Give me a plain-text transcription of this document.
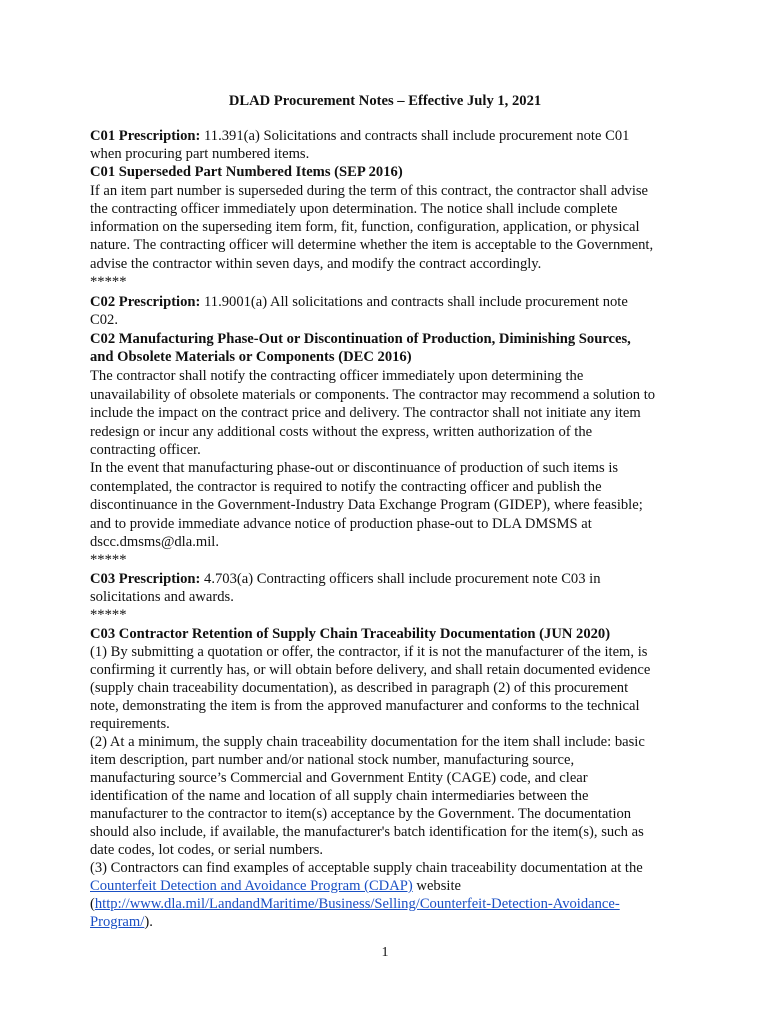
DLAD Procurement Notes – Effective July 1, 2021
C01 Prescription: 11.391(a) Solicitations and contracts shall include procurement note C01
when procuring part numbered items.
C01 Superseded Part Numbered Items (SEP 2016)
If an item part number is superseded during the term of this contract, the contractor shall advise
the contracting officer immediately upon determination. The notice shall include complete
information on the superseding item form, fit, function, configuration, application, or physical
nature. The contracting officer will determine whether the item is acceptable to the Government,
advise the contractor within seven days, and modify the contract accordingly.
*****
C02 Prescription: 11.9001(a) All solicitations and contracts shall include procurement note
C02.
C02 Manufacturing Phase-Out or Discontinuation of Production, Diminishing Sources,
and Obsolete Materials or Components (DEC 2016)
The contractor shall notify the contracting officer immediately upon determining the
unavailability of obsolete materials or components. The contractor may recommend a solution to
include the impact on the contract price and delivery. The contractor shall not initiate any item
redesign or incur any additional costs without the express, written authorization of the
contracting officer.
In the event that manufacturing phase-out or discontinuance of production of such items is
contemplated, the contractor is required to notify the contracting officer and publish the
discontinuance in the Government-Industry Data Exchange Program (GIDEP), where feasible;
and to provide immediate advance notice of production phase-out to DLA DMSMS at
dscc.dmsms@dla.mil.
*****
C03 Prescription: 4.703(a) Contracting officers shall include procurement note C03 in
solicitations and awards.
*****
C03 Contractor Retention of Supply Chain Traceability Documentation (JUN 2020)
(1) By submitting a quotation or offer, the contractor, if it is not the manufacturer of the item, is
confirming it currently has, or will obtain before delivery, and shall retain documented evidence
(supply chain traceability documentation), as described in paragraph (2) of this procurement
note, demonstrating the item is from the approved manufacturer and conforms to the technical
requirements.
(2) At a minimum, the supply chain traceability documentation for the item shall include: basic
item description, part number and/or national stock number, manufacturing source,
manufacturing source’s Commercial and Government Entity (CAGE) code, and clear
identification of the name and location of all supply chain intermediaries between the
manufacturer to the contractor to item(s) acceptance by the Government. The documentation
should also include, if available, the manufacturer's batch identification for the item(s), such as
date codes, lot codes, or serial numbers.
(3) Contractors can find examples of acceptable supply chain traceability documentation at the
Counterfeit Detection and Avoidance Program (CDAP) website
(http://www.dla.mil/LandandMaritime/Business/Selling/Counterfeit-Detection-Avoidance-
Program/).
1
